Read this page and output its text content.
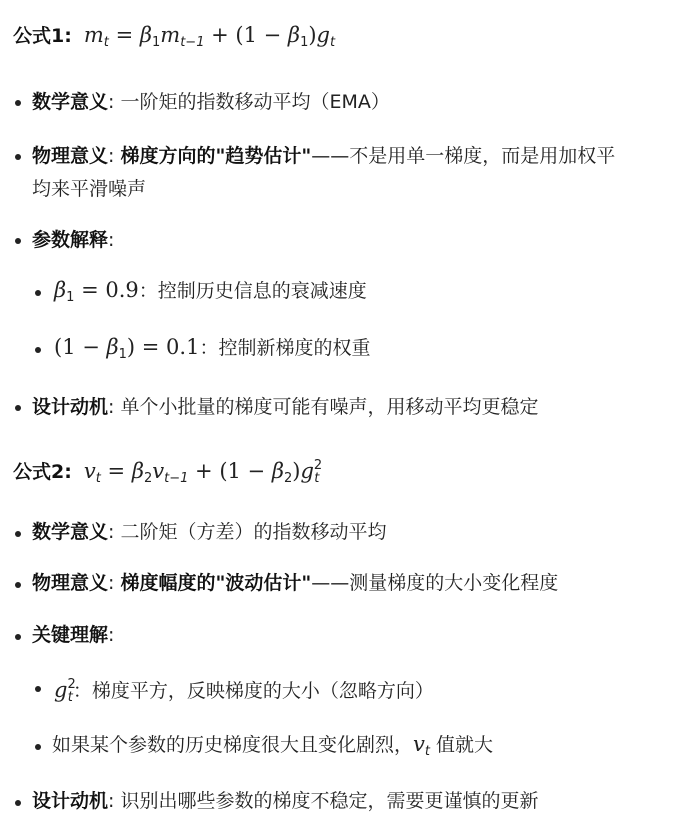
公式1: $m_t = \beta_1m_{t-1} + (1 - \beta_1)g_t$
数学意义: 一阶矩的指数移动平均（EMA）
物理意义: 梯度方向的"趋势估计"——不是用单一梯度，而是用加权平
均来平滑噪声
参数解释:
$\beta_1 = 0.9$：控制历史信息的衰减速度
$(1 - \beta_1) = 0.1$：控制新梯度的权重
设计动机: 单个小批量的梯度可能有噪声，用移动平均更稳定
公式2: $v_t = \beta_2v_{t-1} + (1 - \beta_2)g^2_t$
数学意义: 二阶矩（方差）的指数移动平均
物理意义: 梯度幅度的"波动估计"——测量梯度的大小变化程度
关键理解:
$g^2_t$：梯度平方，反映梯度的大小（忽略方向）
如果某个参数的历史梯度很大且变化剧烈，$v_t$ 值就大
设计动机: 识别出哪些参数的梯度不稳定，需要更谨慎的更新
